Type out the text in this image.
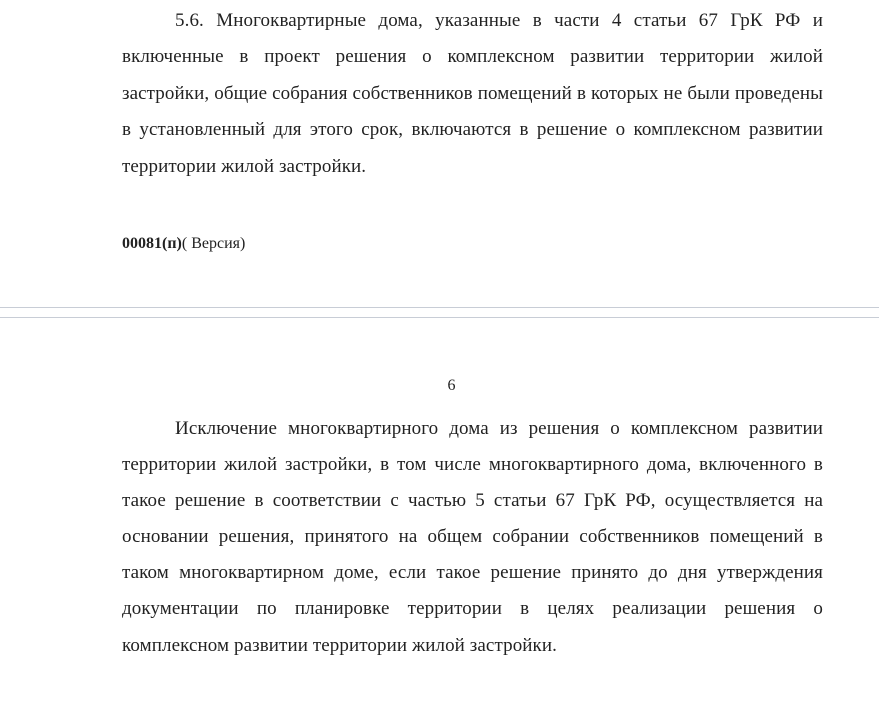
5.6. Многоквартирные дома, указанные в части 4 статьи 67 ГрК РФ и включенные в проект решения о комплексном развитии территории жилой застройки, общие собрания собственников помещений в которых не были проведены в установленный для этого срок, включаются в решение о комплексном развитии территории жилой застройки.

00081(п)( Версия)
6

Исключение многоквартирного дома из решения о комплексном развитии территории жилой застройки, в том числе многоквартирного дома, включенного в такое решение в соответствии с частью 5 статьи 67 ГрК РФ, осуществляется на основании решения, принятого на общем собрании собственников помещений в таком многоквартирном доме, если такое решение принято до дня утверждения документации по планировке территории в целях реализации решения о комплексном развитии территории жилой застройки.
